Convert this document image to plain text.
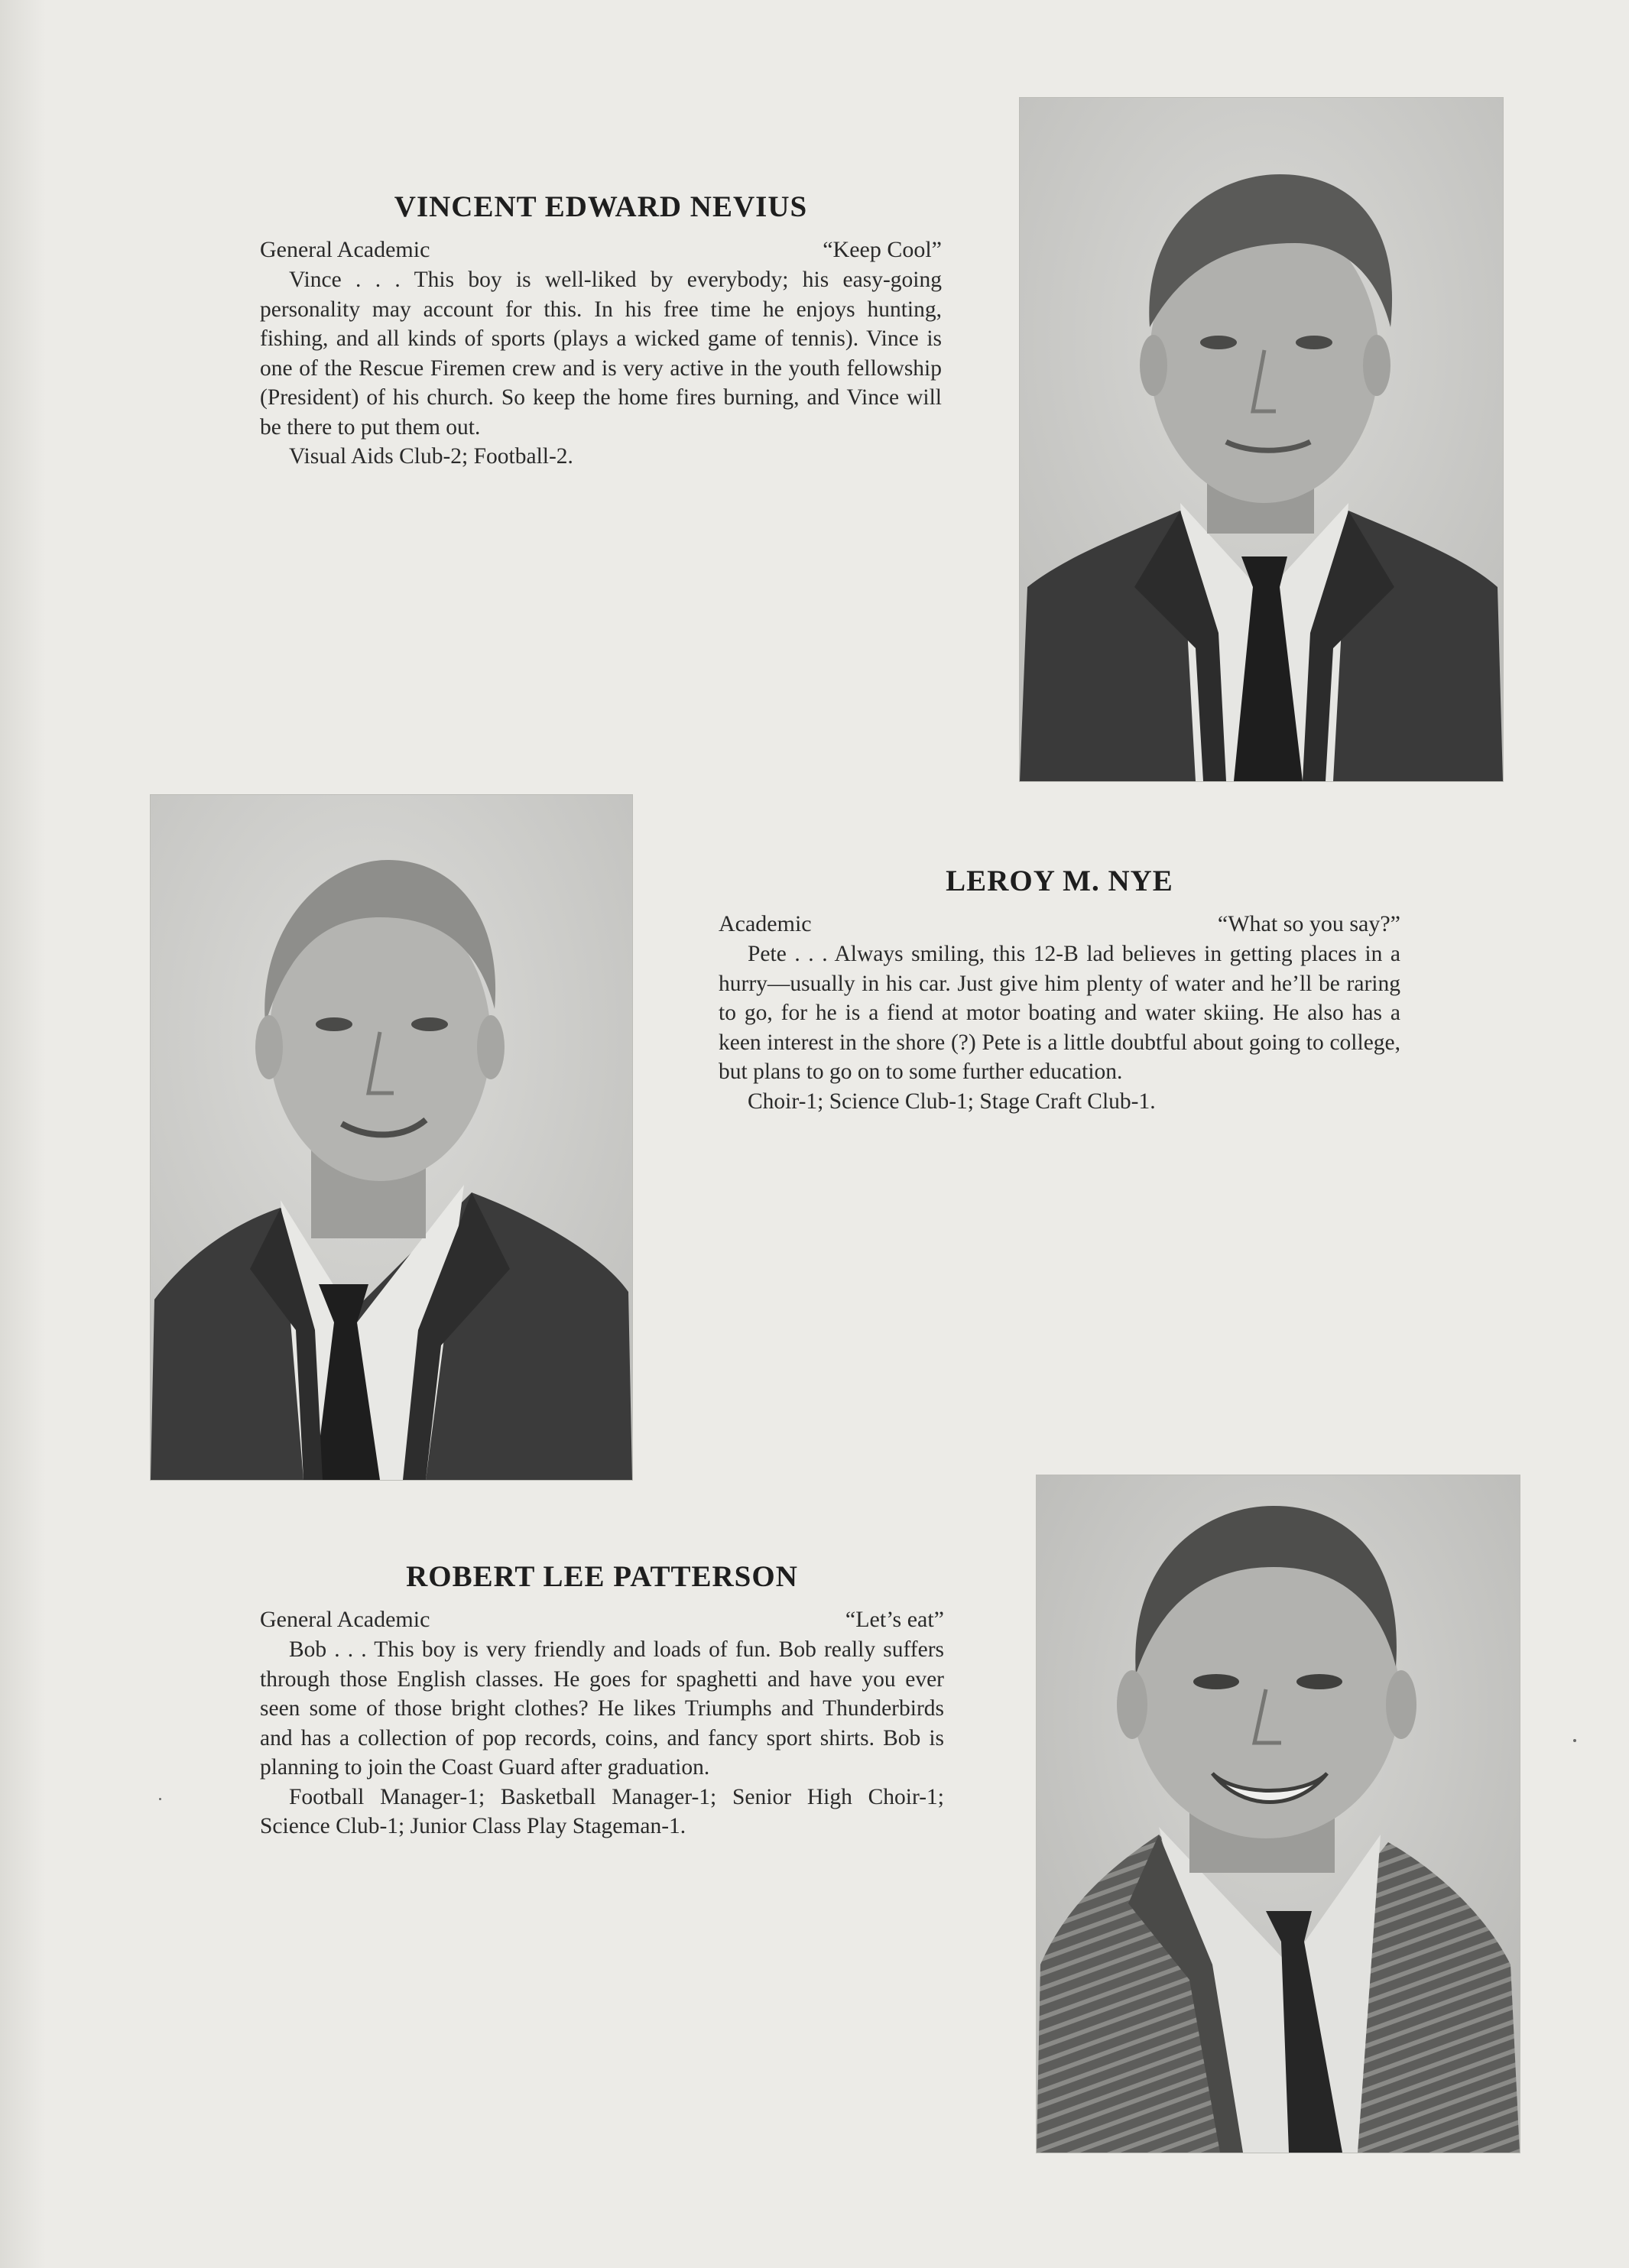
VINCENT EDWARD NEVIUS
General Academic	“Keep Cool”

Vince . . . This boy is well-liked by everybody; his easy-going personality may account for this. In his free time he enjoys hunting, fishing, and all kinds of sports (plays a wicked game of tennis). Vince is one of the Rescue Firemen crew and is very active in the youth fellowship (President) of his church. So keep the home fires burning, and Vince will be there to put them out.

Visual Aids Club-2; Football-2.

LEROY M. NYE
Academic	“What so you say?”

Pete . . . Always smiling, this 12-B lad believes in getting places in a hurry—usually in his car. Just give him plenty of water and he’ll be raring to go, for he is a fiend at motor boating and water skiing. He also has a keen interest in the shore (?) Pete is a little doubtful about going to college, but plans to go on to some further education.

Choir-1; Science Club-1; Stage Craft Club-1.

ROBERT LEE PATTERSON
General Academic	“Let’s eat”

Bob . . . This boy is very friendly and loads of fun. Bob really suffers through those English classes. He goes for spaghetti and have you ever seen some of those bright clothes? He likes Triumphs and Thunderbirds and has a collection of pop records, coins, and fancy sport shirts. Bob is planning to join the Coast Guard after graduation.

Football Manager-1; Basketball Manager-1; Senior High Choir-1; Science Club-1; Junior Class Play Stageman-1.
